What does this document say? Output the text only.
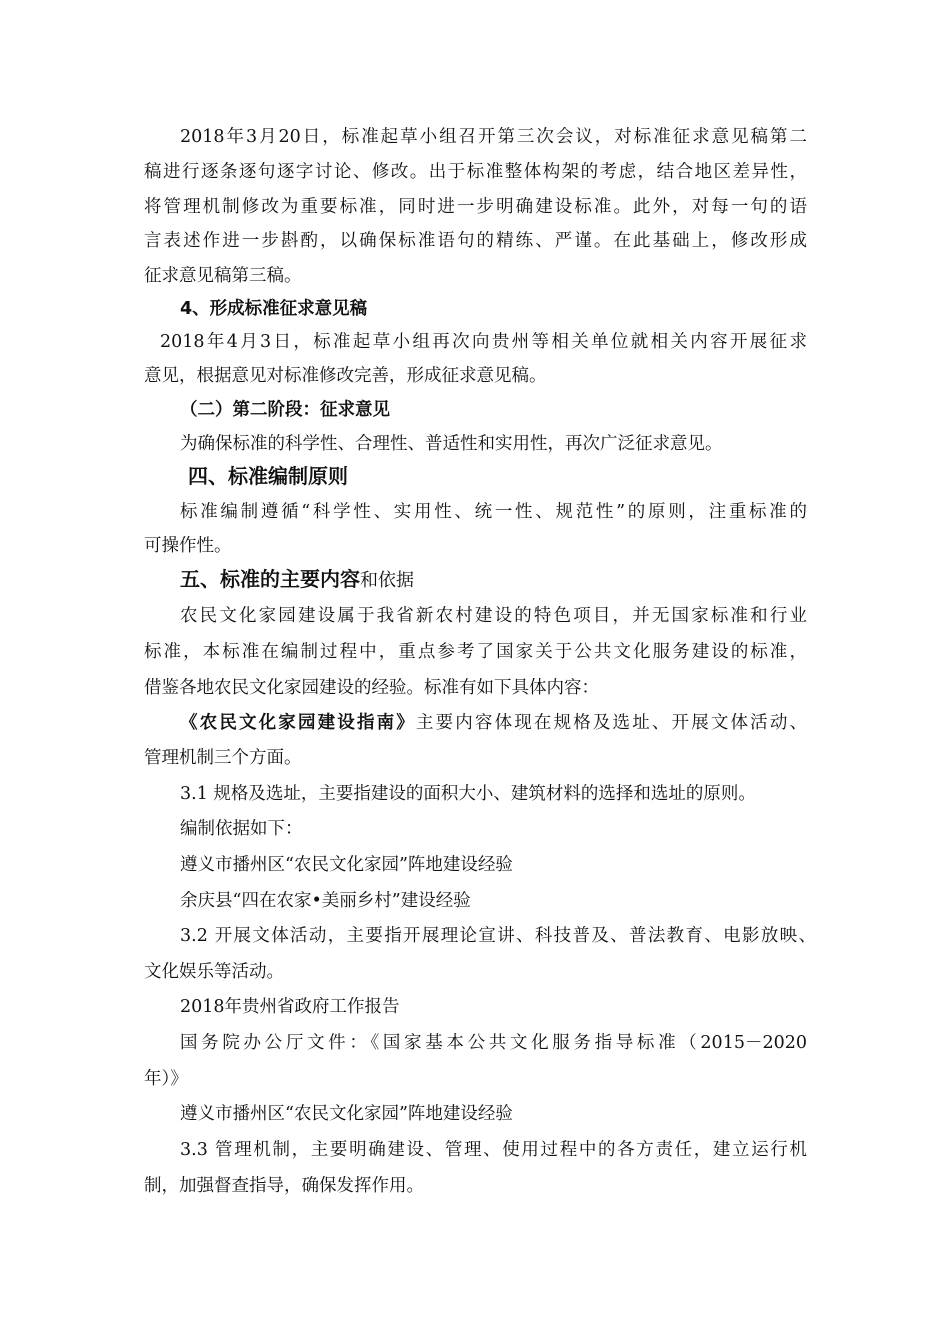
2018年3月20日，标准起草小组召开第三次会议，对标准征求意见稿第二

稿进行逐条逐句逐字讨论、修改。出于标准整体构架的考虑，结合地区差异性，

将管理机制修改为重要标准，同时进一步明确建设标准。此外，对每一句的语

言表述作进一步斟酌，以确保标准语句的精练、严谨。在此基础上，修改形成

征求意见稿第三稿。

4、形成标准征求意见稿

2018年4月3日，标准起草小组再次向贵州等相关单位就相关内容开展征求

意见，根据意见对标准修改完善，形成征求意见稿。

（二）第二阶段：征求意见

为确保标准的科学性、合理性、普适性和实用性，再次广泛征求意见。

四、标准编制原则

标准编制遵循“科学性、实用性、统一性、规范性”的原则，注重标准的

可操作性。

五、标准的主要内容和依据

农民文化家园建设属于我省新农村建设的特色项目，并无国家标准和行业

标准，本标准在编制过程中，重点参考了国家关于公共文化服务建设的标准，

借鉴各地农民文化家园建设的经验。标准有如下具体内容：

《农民文化家园建设指南》主要内容体现在规格及选址、开展文体活动、

管理机制三个方面。

3.1 规格及选址，主要指建设的面积大小、建筑材料的选择和选址的原则。

编制依据如下：

遵义市播州区“农民文化家园”阵地建设经验

余庆县“四在农家•美丽乡村”建设经验

3.2 开展文体活动，主要指开展理论宣讲、科技普及、普法教育、电影放映、

文化娱乐等活动。

2018年贵州省政府工作报告

国务院办公厅文件：《国家基本公共文化服务指导标准（2015－2020

年）》

遵义市播州区“农民文化家园”阵地建设经验

3.3 管理机制，主要明确建设、管理、使用过程中的各方责任，建立运行机

制，加强督查指导，确保发挥作用。
